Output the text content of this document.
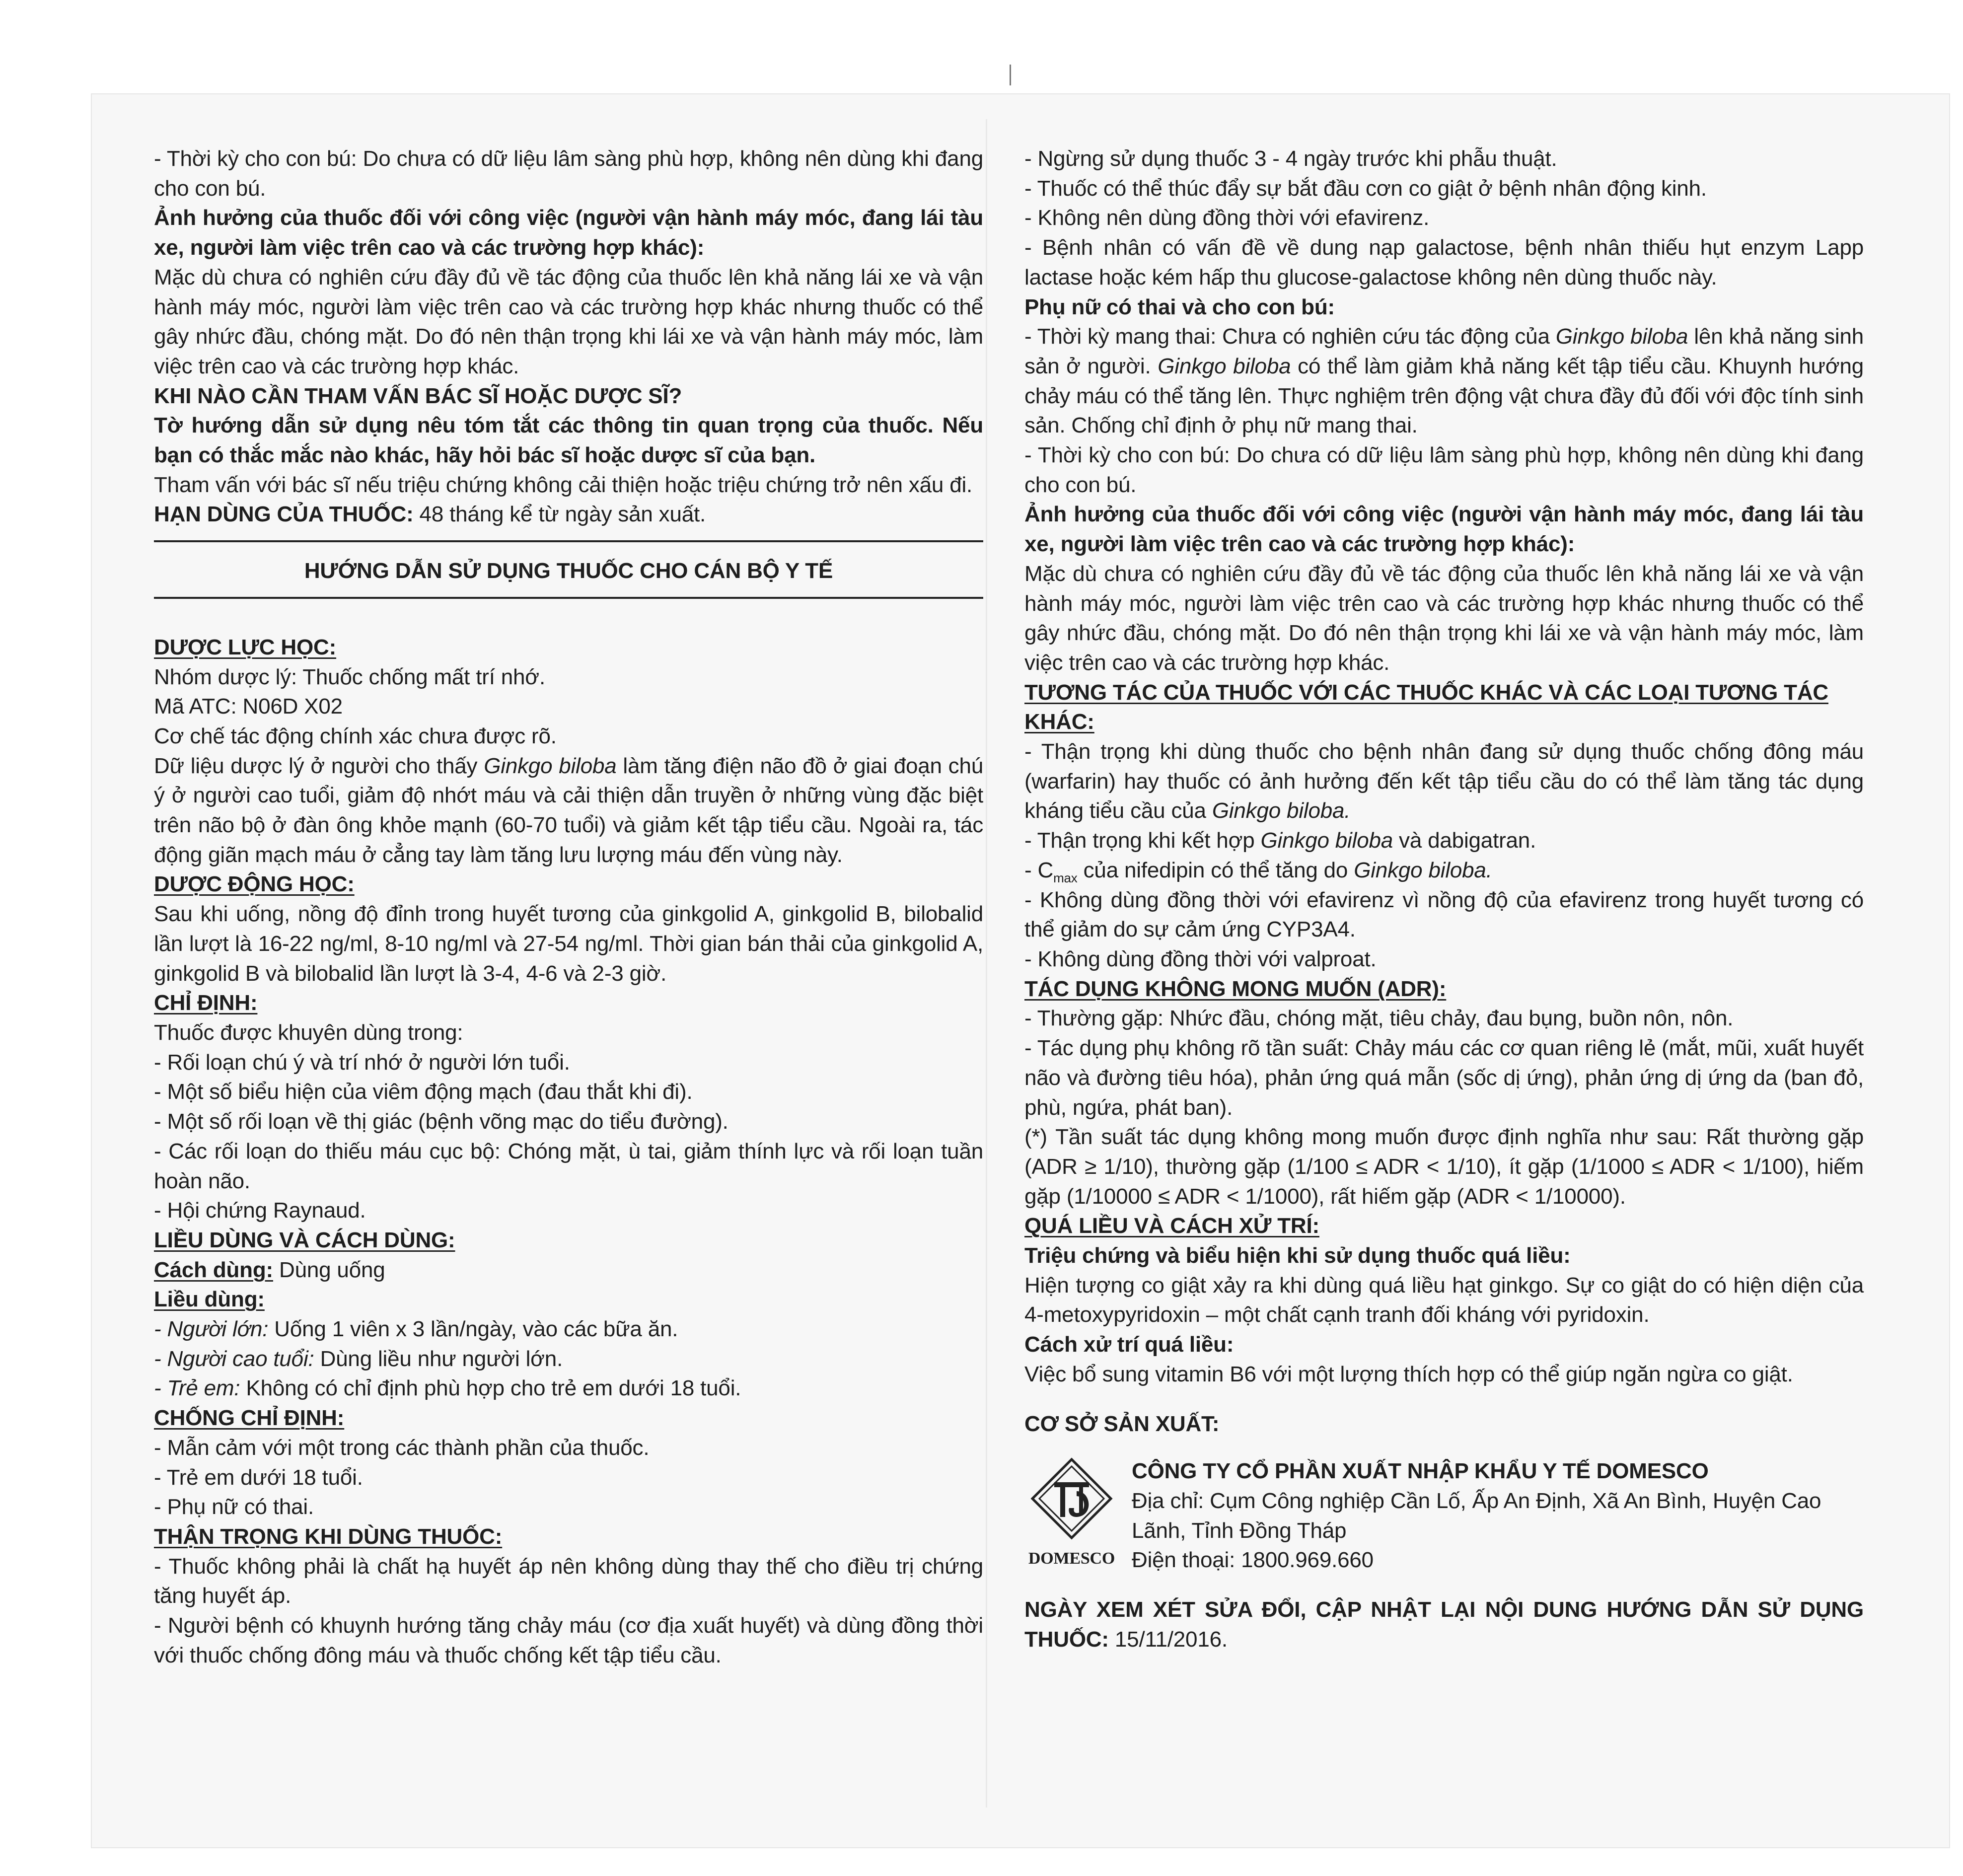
- Thời kỳ cho con bú: Do chưa có dữ liệu lâm sàng phù hợp, không nên dùng khi đang cho con bú.

Ảnh hưởng của thuốc đối với công việc (người vận hành máy móc, đang lái tàu xe, người làm việc trên cao và các trường hợp khác):

Mặc dù chưa có nghiên cứu đầy đủ về tác động của thuốc lên khả năng lái xe và vận hành máy móc, người làm việc trên cao và các trường hợp khác nhưng thuốc có thể gây nhức đầu, chóng mặt. Do đó nên thận trọng khi lái xe và vận hành máy móc, làm việc trên cao và các trường hợp khác.

KHI NÀO CẦN THAM VẤN BÁC SĨ HOẶC DƯỢC SĨ?

Tờ hướng dẫn sử dụng nêu tóm tắt các thông tin quan trọng của thuốc. Nếu bạn có thắc mắc nào khác, hãy hỏi bác sĩ hoặc dược sĩ của bạn.

Tham vấn với bác sĩ nếu triệu chứng không cải thiện hoặc triệu chứng trở nên xấu đi.

HẠN DÙNG CỦA THUỐC: 48 tháng kể từ ngày sản xuất.

HƯỚNG DẪN SỬ DỤNG THUỐC CHO CÁN BỘ Y TẾ

DƯỢC LỰC HỌC:

Nhóm dược lý: Thuốc chống mất trí nhớ.

Mã ATC: N06D X02

Cơ chế tác động chính xác chưa được rõ.

Dữ liệu dược lý ở người cho thấy Ginkgo biloba làm tăng điện não đồ ở giai đoạn chú ý ở người cao tuổi, giảm độ nhớt máu và cải thiện dẫn truyền ở những vùng đặc biệt trên não bộ ở đàn ông khỏe mạnh (60-70 tuổi) và giảm kết tập tiểu cầu. Ngoài ra, tác động giãn mạch máu ở cẳng tay làm tăng lưu lượng máu đến vùng này.

DƯỢC ĐỘNG HỌC:

Sau khi uống, nồng độ đỉnh trong huyết tương của ginkgolid A, ginkgolid B, bilobalid lần lượt là 16-22 ng/ml, 8-10 ng/ml và 27-54 ng/ml. Thời gian bán thải của ginkgolid A, ginkgolid B và bilobalid lần lượt là 3-4, 4-6 và 2-3 giờ.

CHỈ ĐỊNH:

Thuốc được khuyên dùng trong:

- Rối loạn chú ý và trí nhớ ở người lớn tuổi.

- Một số biểu hiện của viêm động mạch (đau thắt khi đi).

- Một số rối loạn về thị giác (bệnh võng mạc do tiểu đường).

- Các rối loạn do thiếu máu cục bộ: Chóng mặt, ù tai, giảm thính lực và rối loạn tuần hoàn não.

- Hội chứng Raynaud.

LIỀU DÙNG VÀ CÁCH DÙNG:

Cách dùng: Dùng uống

Liều dùng:

- Người lớn: Uống 1 viên x 3 lần/ngày, vào các bữa ăn.

- Người cao tuổi: Dùng liều như người lớn.

- Trẻ em: Không có chỉ định phù hợp cho trẻ em dưới 18 tuổi.

CHỐNG CHỈ ĐỊNH:

- Mẫn cảm với một trong các thành phần của thuốc.

- Trẻ em dưới 18 tuổi.

- Phụ nữ có thai.

THẬN TRỌNG KHI DÙNG THUỐC:

- Thuốc không phải là chất hạ huyết áp nên không dùng thay thế cho điều trị chứng tăng huyết áp.

- Người bệnh có khuynh hướng tăng chảy máu (cơ địa xuất huyết) và dùng đồng thời với thuốc chống đông máu và thuốc chống kết tập tiểu cầu.

- Ngừng sử dụng thuốc 3 - 4 ngày trước khi phẫu thuật.

- Thuốc có thể thúc đẩy sự bắt đầu cơn co giật ở bệnh nhân động kinh.

- Không nên dùng đồng thời với efavirenz.

- Bệnh nhân có vấn đề về dung nạp galactose, bệnh nhân thiếu hụt enzym Lapp lactase hoặc kém hấp thu glucose-galactose không nên dùng thuốc này.

Phụ nữ có thai và cho con bú:

- Thời kỳ mang thai: Chưa có nghiên cứu tác động của Ginkgo biloba lên khả năng sinh sản ở người. Ginkgo biloba có thể làm giảm khả năng kết tập tiểu cầu. Khuynh hướng chảy máu có thể tăng lên. Thực nghiệm trên động vật chưa đầy đủ đối với độc tính sinh sản. Chống chỉ định ở phụ nữ mang thai.

- Thời kỳ cho con bú: Do chưa có dữ liệu lâm sàng phù hợp, không nên dùng khi đang cho con bú.

Ảnh hưởng của thuốc đối với công việc (người vận hành máy móc, đang lái tàu xe, người làm việc trên cao và các trường hợp khác):

Mặc dù chưa có nghiên cứu đầy đủ về tác động của thuốc lên khả năng lái xe và vận hành máy móc, người làm việc trên cao và các trường hợp khác nhưng thuốc có thể gây nhức đầu, chóng mặt. Do đó nên thận trọng khi lái xe và vận hành máy móc, làm việc trên cao và các trường hợp khác.

TƯƠNG TÁC CỦA THUỐC VỚI CÁC THUỐC KHÁC VÀ CÁC LOẠI TƯƠNG TÁC KHÁC:

- Thận trọng khi dùng thuốc cho bệnh nhân đang sử dụng thuốc chống đông máu (warfarin) hay thuốc có ảnh hưởng đến kết tập tiểu cầu do có thể làm tăng tác dụng kháng tiểu cầu của Ginkgo biloba.

- Thận trọng khi kết hợp Ginkgo biloba và dabigatran.

- $C_{max}$ của nifedipin có thể tăng do Ginkgo biloba.

- Không dùng đồng thời với efavirenz vì nồng độ của efavirenz trong huyết tương có thể giảm do sự cảm ứng CYP3A4.

- Không dùng đồng thời với valproat.

TÁC DỤNG KHÔNG MONG MUỐN (ADR):

- Thường gặp: Nhức đầu, chóng mặt, tiêu chảy, đau bụng, buồn nôn, nôn.

- Tác dụng phụ không rõ tần suất: Chảy máu các cơ quan riêng lẻ (mắt, mũi, xuất huyết não và đường tiêu hóa), phản ứng quá mẫn (sốc dị ứng), phản ứng dị ứng da (ban đỏ, phù, ngứa, phát ban).

(*) Tần suất tác dụng không mong muốn được định nghĩa như sau: Rất thường gặp (ADR ≥ 1/10), thường gặp (1/100 ≤ ADR < 1/10), ít gặp (1/1000 ≤ ADR < 1/100), hiếm gặp (1/10000 ≤ ADR < 1/1000), rất hiếm gặp (ADR < 1/10000).

QUÁ LIỀU VÀ CÁCH XỬ TRÍ:

Triệu chứng và biểu hiện khi sử dụng thuốc quá liều:

Hiện tượng co giật xảy ra khi dùng quá liều hạt ginkgo. Sự co giật do có hiện diện của 4-metoxypyridoxin – một chất cạnh tranh đối kháng với pyridoxin.

Cách xử trí quá liều:

Việc bổ sung vitamin B6 với một lượng thích hợp có thể giúp ngăn ngừa co giật.

CƠ SỞ SẢN XUẤT:

DOMESCO

CÔNG TY CỔ PHẦN XUẤT NHẬP KHẨU Y TẾ DOMESCO

Địa chỉ: Cụm Công nghiệp Cần Lố, Ấp An Định, Xã An Bình, Huyện Cao Lãnh, Tỉnh Đồng Tháp

Điện thoại: 1800.969.660

NGÀY XEM XÉT SỬA ĐỔI, CẬP NHẬT LẠI NỘI DUNG HƯỚNG DẪN SỬ DỤNG THUỐC: 15/11/2016.
